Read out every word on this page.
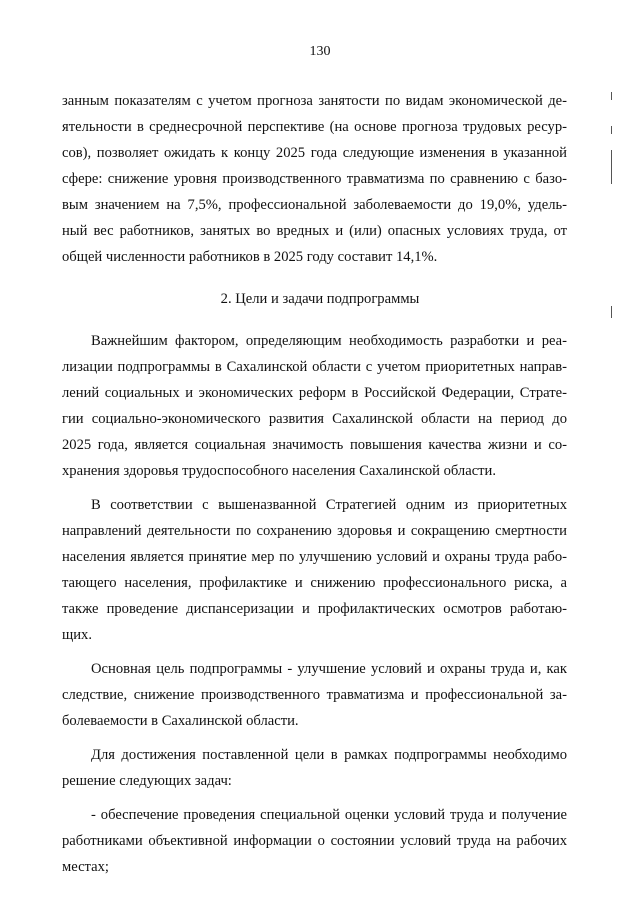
130
занным показателям с учетом прогноза занятости по видам экономической де-
ятельности в среднесрочной перспективе (на основе прогноза трудовых ресур-
сов), позволяет ожидать к концу 2025 года следующие изменения в указанной
сфере: снижение уровня производственного травматизма по сравнению с базо-
вым значением на 7,5%, профессиональной заболеваемости до 19,0%, удель-
ный вес работников, занятых во вредных и (или) опасных условиях труда, от
общей численности работников в 2025 году составит 14,1%.
2. Цели и задачи подпрограммы
Важнейшим фактором, определяющим необходимость разработки и реа-
лизации подпрограммы в Сахалинской области с учетом приоритетных направ-
лений социальных и экономических реформ в Российской Федерации, Страте-
гии социально-экономического развития Сахалинской области на период до
2025 года, является социальная значимость повышения качества жизни и со-
хранения здоровья трудоспособного населения Сахалинской области.
В соответствии с вышеназванной Стратегией одним из приоритетных
направлений деятельности по сохранению здоровья и сокращению смертности
населения является принятие мер по улучшению условий и охраны труда рабо-
тающего населения, профилактике и снижению профессионального риска, а
также проведение диспансеризации и профилактических осмотров работаю-
щих.
Основная цель подпрограммы - улучшение условий и охраны труда и, как
следствие, снижение производственного травматизма и профессиональной за-
болеваемости в Сахалинской области.
Для достижения поставленной цели в рамках подпрограммы необходимо
решение следующих задач:
- обеспечение проведения специальной оценки условий труда и получение
работниками объективной информации о состоянии условий труда на рабочих
местах;
